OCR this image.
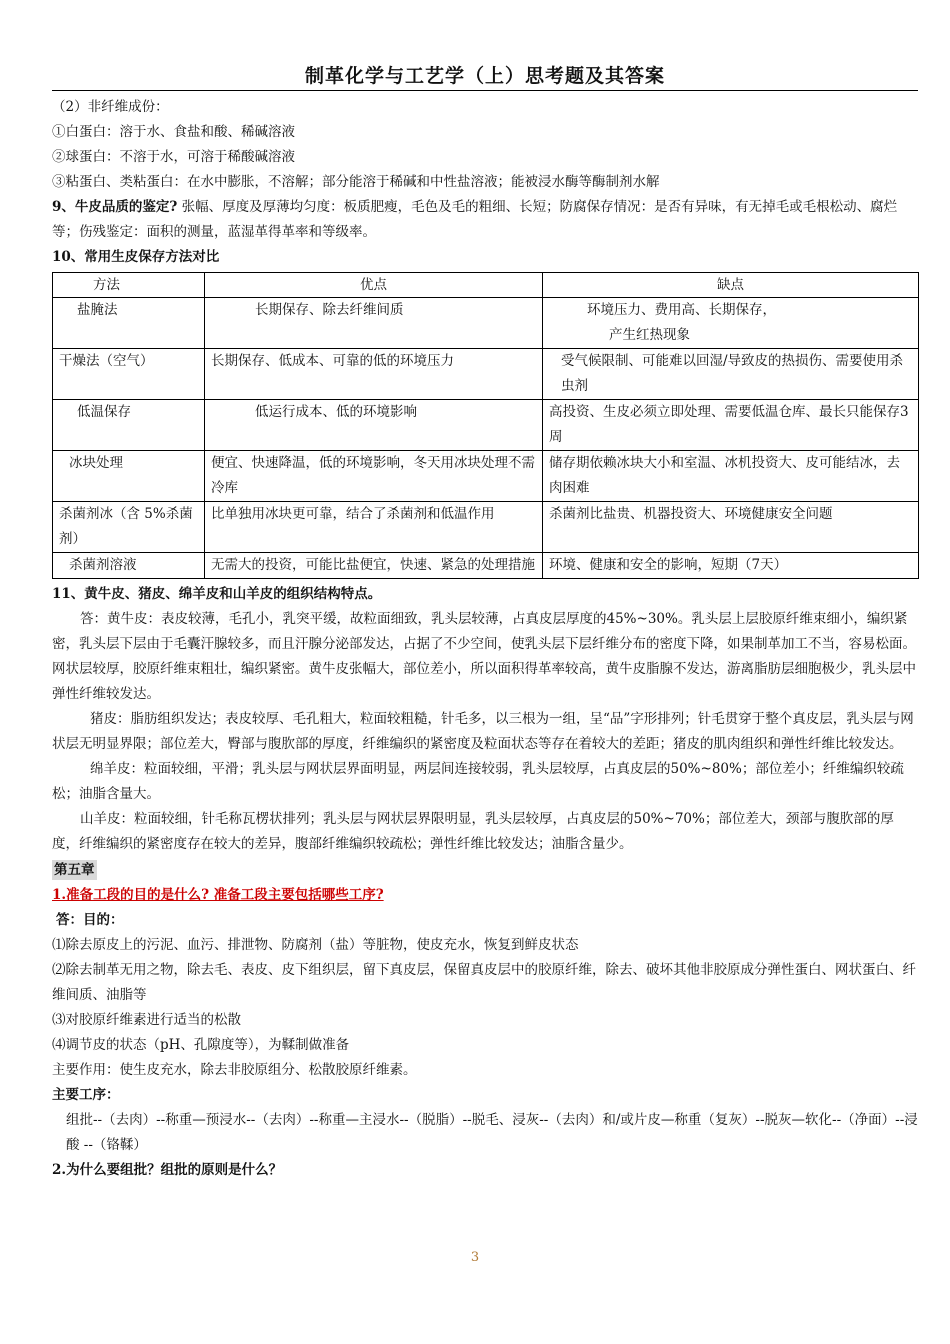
制革化学与工艺学（上）思考题及其答案

（2）非纤维成份：

①白蛋白：溶于水、食盐和酸、稀碱溶液

②球蛋白：不溶于水，可溶于稀酸碱溶液

③粘蛋白、类粘蛋白：在水中膨胀，不溶解；部分能溶于稀碱和中性盐溶液；能被浸水酶等酶制剂水解

9、牛皮品质的鉴定? 张幅、厚度及厚薄均匀度：板质肥瘦，毛色及毛的粗细、长短；防腐保存情况：是否有异味，有无掉毛或毛根松动、腐烂等；伤残鉴定：面积的测量，蓝湿革得革率和等级率。

10、常用生皮保存方法对比

方法	优点	缺点
盐腌法	长期保存、除去纤维间质	环境压力、费用高、长期保存，
产生红热现象

干燥法（空气）	长期保存、低成本、可靠的低的环境压力	受气候限制、可能难以回湿/导致皮的热损伤、需要使用杀虫剂
低温保存	低运行成本、低的环境影响	高投资、生皮必须立即处理、需要低温仓库、最长只能保存3周
冰块处理	便宜、快速降温，低的环境影响，冬天用冰块处理不需冷库	储存期依赖冰块大小和室温、冰机投资大、皮可能结冰，去肉困难
杀菌剂冰（含 5%杀菌剂）	比单独用冰块更可靠，结合了杀菌剂和低温作用	杀菌剂比盐贵、机器投资大、环境健康安全问题
杀菌剂溶液	无需大的投资，可能比盐便宜，快速、紧急的处理措施	环境、健康和安全的影响，短期（7天）

11、黄牛皮、猪皮、绵羊皮和山羊皮的组织结构特点。

答：黄牛皮：表皮较薄，毛孔小，乳突平缓，故粒面细致，乳头层较薄，占真皮层厚度的45%~30%。乳头层上层胶原纤维束细小，编织紧密，乳头层下层由于毛囊汗腺较多，而且汗腺分泌部发达，占据了不少空间，使乳头层下层纤维分布的密度下降，如果制革加工不当，容易松面。网状层较厚，胶原纤维束粗壮，编织紧密。黄牛皮张幅大，部位差小，所以面积得革率较高，黄牛皮脂腺不发达，游离脂肪层细胞极少，乳头层中弹性纤维较发达。

猪皮：脂肪组织发达；表皮较厚、毛孔粗大，粒面较粗糙，针毛多，以三根为一组，呈“品”字形排列；针毛贯穿于整个真皮层，乳头层与网状层无明显界限；部位差大，臀部与腹肷部的厚度，纤维编织的紧密度及粒面状态等存在着较大的差距；猪皮的肌肉组织和弹性纤维比较发达。

绵羊皮：粒面较细，平滑；乳头层与网状层界面明显，两层间连接较弱，乳头层较厚，占真皮层的50%~80%；部位差小；纤维编织较疏松；油脂含量大。

山羊皮：粒面较细，针毛称瓦楞状排列；乳头层与网状层界限明显，乳头层较厚，占真皮层的50%~70%；部位差大，颈部与腹肷部的厚度，纤维编织的紧密度存在较大的差异，腹部纤维编织较疏松；弹性纤维比较发达；油脂含量少。

第五章
1.准备工段的目的是什么? 准备工段主要包括哪些工序?

答：目的：

⑴除去原皮上的污泥、血污、排泄物、防腐剂（盐）等脏物，使皮充水，恢复到鲜皮状态

⑵除去制革无用之物，除去毛、表皮、皮下组织层，留下真皮层，保留真皮层中的胶原纤维，除去、破坏其他非胶原成分弹性蛋白、网状蛋白、纤维间质、油脂等

⑶对胶原纤维素进行适当的松散

⑷调节皮的状态（pH、孔隙度等），为鞣制做准备

主要作用：使生皮充水，除去非胶原组分、松散胶原纤维素。

主要工序：

组批--（去肉）--称重—预浸水--（去肉）--称重—主浸水--（脱脂）--脱毛、浸灰--（去肉）和/或片皮—称重（复灰）--脱灰—软化--（净面）--浸酸 --（铬鞣）

2.为什么要组批？组批的原则是什么？

3
